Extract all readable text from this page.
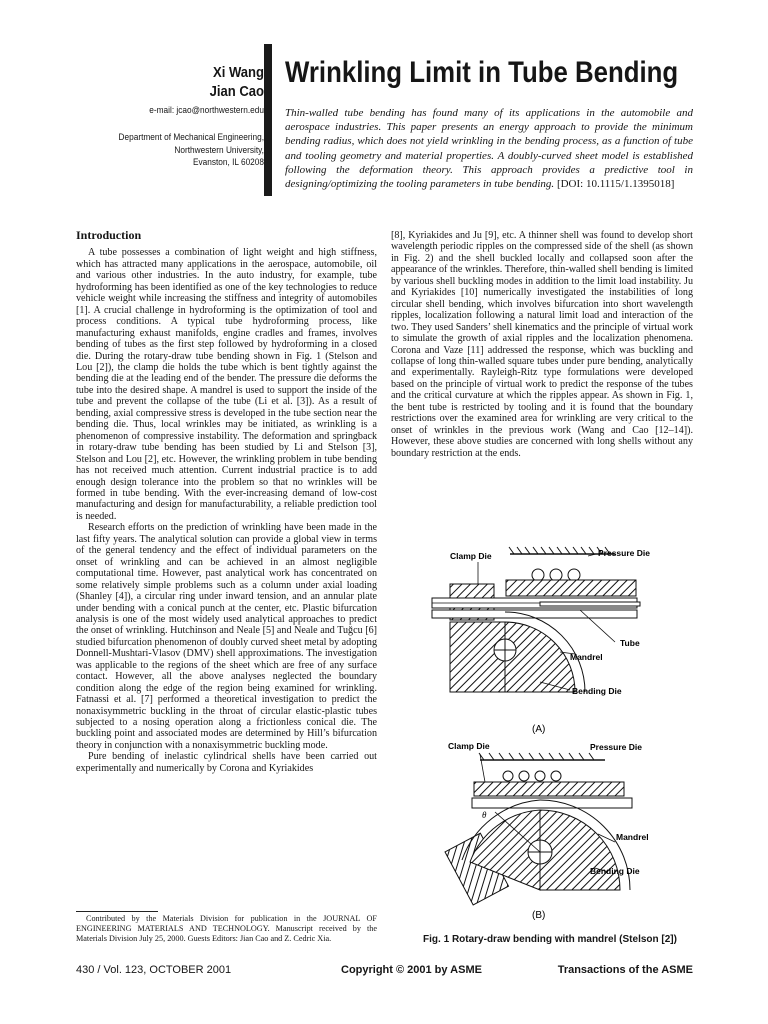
Xi Wang
Jian Cao
e-mail: jcao@northwestern.edu
Department of Mechanical Engineering,
Northwestern University,
Evanston, IL 60208
Wrinkling Limit in Tube Bending
Thin-walled tube bending has found many of its applications in the automobile and aerospace industries. This paper presents an energy approach to provide the minimum bending radius, which does not yield wrinkling in the bending process, as a function of tube and tooling geometry and material properties. A doubly-curved sheet model is established following the deformation theory. This approach provides a predictive tool in designing/optimizing the tooling parameters in tube bending. [DOI: 10.1115/1.1395018]

Introduction

A tube possesses a combination of light weight and high stiffness, which has attracted many applications in the aerospace, automobile, oil and various other industries. In the auto industry, for example, tube hydroforming has been identified as one of the key technologies to reduce vehicle weight while increasing the stiffness and integrity of automobiles [1]. A crucial challenge in hydroforming is the optimization of tool and process conditions. A typical tube hydroforming process, like manufacturing exhaust manifolds, engine cradles and frames, involves bending of tubes as the first step followed by hydroforming in a closed die. During the rotary-draw tube bending shown in Fig. 1 (Stelson and Lou [2]), the clamp die holds the tube which is bent tightly against the bending die at the leading end of the bender. The pressure die deforms the tube into the desired shape. A mandrel is used to support the inside of the tube and prevent the collapse of the tube (Li et al. [3]). As a result of bending, axial compressive stress is developed in the tube section near the bending die. Thus, local wrinkles may be initiated, as wrinkling is a phenomenon of compressive instability. The deformation and springback in rotary-draw tube bending has been studied by Li and Stelson [3], Stelson and Lou [2], etc. However, the wrinkling problem in tube bending has not received much attention. Current industrial practice is to add enough design tolerance into the problem so that no wrinkles will be formed in tube bending. With the ever-increasing demand of low-cost manufacturing and design for manufacturability, a reliable prediction tool is needed.

Research efforts on the prediction of wrinkling have been made in the last fifty years. The analytical solution can provide a global view in terms of the general tendency and the effect of individual parameters on the onset of wrinkling and can be achieved in an almost negligible computational time. However, past analytical work has concentrated on some relatively simple problems such as a column under axial loading (Shanley [4]), a circular ring under inward tension, and an annular plate under bending with a conical punch at the center, etc. Plastic bifurcation analysis is one of the most widely used analytical approaches to predict the onset of wrinkling. Hutchinson and Neale [5] and Neale and Tuğcu [6] studied bifurcation phenomenon of doubly curved sheet metal by adopting Donnell-Mushtari-Vlasov (DMV) shell approximations. The investigation was applicable to the regions of the sheet which are free of any surface contact. However, all the above analyses neglected the boundary condition along the edge of the region being examined for wrinkling. Fatnassi et al. [7] performed a theoretical investigation to predict the nonaxisymmetric buckling in the throat of circular elastic-plastic tubes subjected to a nosing operation along a frictionless conical die. The buckling point and associated modes are determined by Hill’s bifurcation theory in conjunction with a nonaxisymmetric buckling mode.

Pure bending of inelastic cylindrical shells have been carried out experimentally and numerically by Corona and Kyriakides

Contributed by the Materials Division for publication in the JOURNAL OF ENGINEERING MATERIALS AND TECHNOLOGY. Manuscript received by the Materials Division July 25, 2000. Guests Editors: Jian Cao and Z. Cedric Xia.

[8], Kyriakides and Ju [9], etc. A thinner shell was found to develop short wavelength periodic ripples on the compressed side of the shell (as shown in Fig. 2) and the shell buckled locally and collapsed soon after the appearance of the wrinkles. Therefore, thin-walled shell bending is limited by various shell buckling modes in addition to the limit load instability. Ju and Kyriakides [10] numerically investigated the instabilities of long circular shell bending, which involves bifurcation into short wavelength ripples, localization following a natural limit load and interaction of the two. They used Sanders’ shell kinematics and the principle of virtual work to simulate the growth of axial ripples and the localization phenomena. Corona and Vaze [11] addressed the response, which was buckling and collapse of long thin-walled square tubes under pure bending, analytically and experimentally. Rayleigh-Ritz type formulations were developed based on the principle of virtual work to predict the response of the tubes and the critical curvature at which the ripples appear. As shown in Fig. 1, the bent tube is restricted by tooling and it is found that the boundary restrictions over the examined area for wrinkling are very critical to the onset of wrinkles in the previous work (Wang and Cao [12–14]). However, these above studies are concerned with long shells without any boundary restriction at the ends.

Clamp Die	Pressure Die
Tube
Mandrel
Bending Die
(A)
θ
Clamp Die	Pressure Die
Mandrel
Bending Die
(B)
Fig. 1 Rotary-draw bending with mandrel (Stelson [2])
430 / Vol. 123, OCTOBER 2001	Copyright © 2001 by ASME	Transactions of the ASME
